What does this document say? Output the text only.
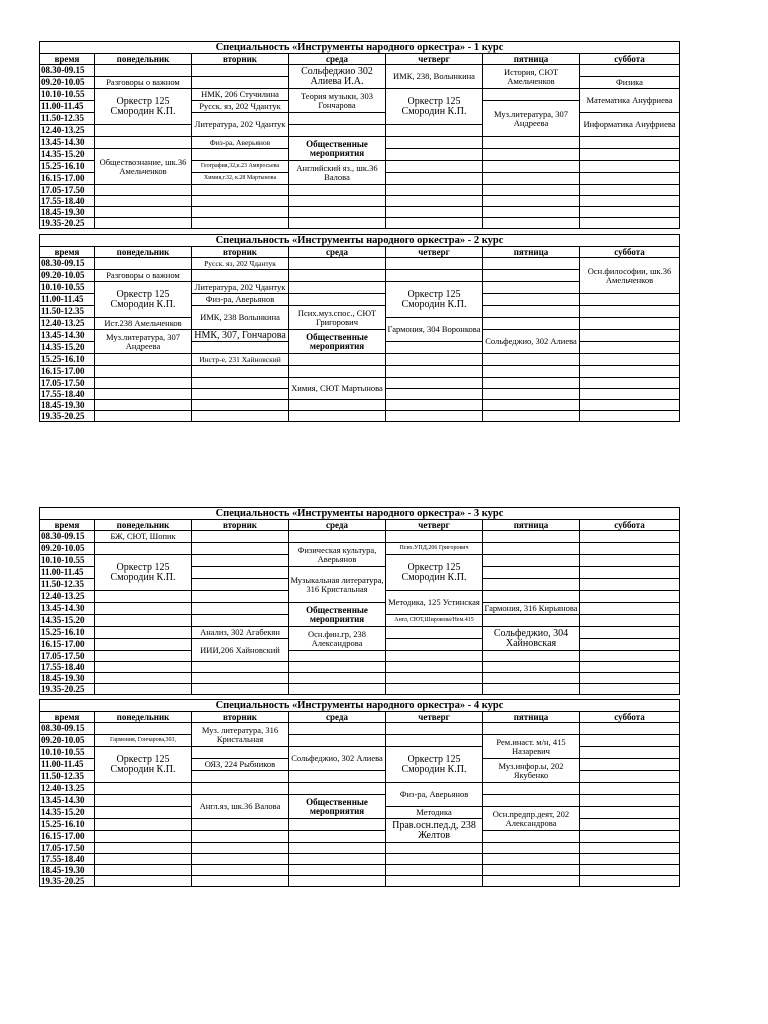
Специальность «Инструменты народного оркестра» - 1 курс						
время	понедельник	вторник	среда	четверг	пятница	суббота
08.30-09.15			Сольфеджио 302 Алиева И.А.	ИМК, 238, Волынкина	История, СЮТ Амельченков	
09.20-10.05	Разговоры о важном					Физика
10.10-10.55	Оркестр 125 Смородин К.П.	НМК, 206 Стучилина	Теория музыки, 303 Гончарова	Оркестр 125 Смородин К.П.		Математика Ануфриева
11.00-11.45		Русск. яз, 202 Чдантук			Муз.литература, 307 Андреева	
11.50-12.35		Литература, 202 Чдантук				Информатика Ануфриева
12.40-13.25						
13.45-14.30		Физ-ра, Аверьянов	Общественные мероприятия			
14.35-15.20	Обществознание, шк.36 Амельченков					
15.25-16.10		География,32,к.23 Амвросьева	Английский яз., шк.36 Валова			
16.15-17.00		Химия,г.32, к.28 Мартынова				
17.05-17.50						
17.55-18.40						
18.45-19.30						
19.35-20.25						
Специальность «Инструменты народного оркестра» - 2 курс						
время	понедельник	вторник	среда	четверг	пятница	суббота
08.30-09.15		Русск. яз, 202 Чдантук				Осн.философии, шк.36 Амельченков
09.20-10.05	Разговоры о важном					
10.10-10.55	Оркестр 125 Смородин К.П.	Литература, 202 Чдантук		Оркестр 125 Смородин К.П.		
11.00-11.45		Физ-ра, Аверьянов				
11.50-12.35		ИМК, 238 Волынкина	Псих.муз.спос., СЮТ Григорович			
12.40-13.25	Ист.238 Амельченков			Гармония, 304 Воронкова		
13.45-14.30	Муз.литература, 307 Андреева	НМК, 307, Гончарова	Общественные мероприятия		Сольфеджио, 302 Алиева	
14.35-15.20						
15.25-16.10		Инстр-е, 231 Хайновский				
16.15-17.00						
17.05-17.50			Химия, СЮТ Мартынова			
17.55-18.40						
18.45-19.30						
19.35-20.25						
Специальность «Инструменты народного оркестра» - 3 курс						
время	понедельник	вторник	среда	четверг	пятница	суббота
08.30-09.15	БЖ, СЮТ, Шопик					
09.20-10.05			Физическая культура, Аверьянов	Псих.УПД,206 Григорович		
10.10-10.55	Оркестр 125 Смородин К.П.			Оркестр 125 Смородин К.П.		
11.00-11.45			Музыкальная литература, 316 Кристальная			
11.50-12.35						
12.40-13.25				Методика, 125 Устинская		
13.45-14.30			Общественные мероприятия		Гармония, 316 Кирьянова	
14.35-15.20				Англ, СЮТ,Широкова/Нем.415		
15.25-16.10		Анализ, 302 Агабекян	Осн.фин.гр, 238 Александрова		Сольфеджио, 304 Хайновская	
16.15-17.00		ИИИ,206 Хайновский				
17.05-17.50						
17.55-18.40						
18.45-19.30						
19.35-20.25						
Специальность «Инструменты народного оркестра» - 4 курс						
время	понедельник	вторник	среда	четверг	пятница	суббота
08.30-09.15		Муз. литература, 316 Кристальная				
09.20-10.05	Гармония, Гончарова,303,				Рем.инаст. м/н, 415 Назаревич	
10.10-10.55	Оркестр 125 Смородин К.П.		Сольфеджио, 302 Алиева	Оркестр 125 Смородин К.П.		
11.00-11.45		ОЯЗ, 224 Рыбников			Муз.инфор.ы, 202 Якубенко	
11.50-12.35						
12.40-13.25				Физ-ра, Аверьянов		
13.45-14.30		Англ.яз, шк.36 Валова	Общественные мероприятия			
14.35-15.20				Методика	Осн.предпр.деят, 202 Александрова	
15.25-16.10				Прав.осн.пед.д, 238 Желтов		
16.15-17.00						
17.05-17.50						
17.55-18.40						
18.45-19.30						
19.35-20.25						
